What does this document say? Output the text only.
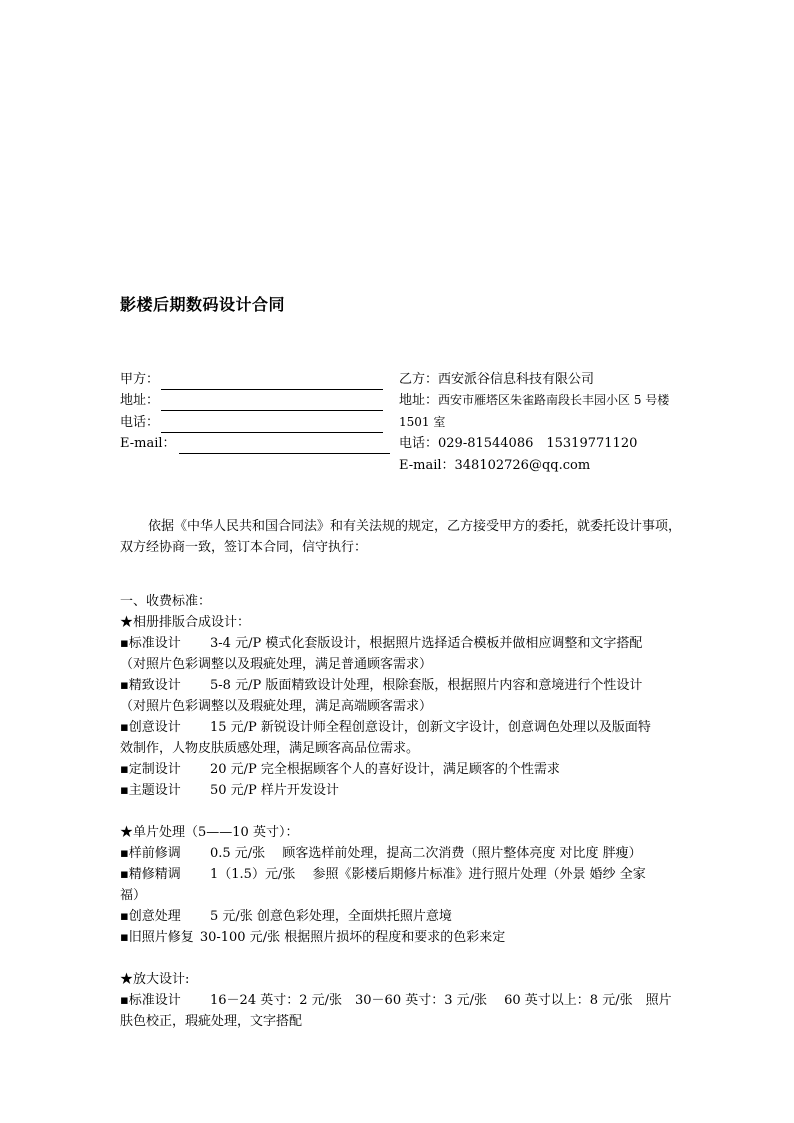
影楼后期数码设计合同
甲方：
地址：
电话：
E-mail：
乙方：西安派谷信息科技有限公司
地址： 西安市雁塔区朱雀路南段长丰园小区 5 号楼
1501 室
电话：029-81544086　15319771120
E-mail：348102726@qq.com

依据《中华人民共和国合同法》和有关法规的规定，乙方接受甲方的委托，就委托设计事项，双方经协商一致，签订本合同，信守执行：

一、收费标准：

★相册排版合成设计：

▪标准设计	3-4 元/P 模式化套版设计，根据照片选择适合模板并做相应调整和文字搭配
（对照片色彩调整以及瑕疵处理，满足普通顾客需求）
▪精致设计	5-8 元/P 版面精致设计处理，根除套版，根据照片内容和意境进行个性设计
（对照片色彩调整以及瑕疵处理，满足高端顾客需求）
▪创意设计	15 元/P 新锐设计师全程创意设计，创新文字设计，创意调色处理以及版面特
效制作，人物皮肤质感处理，满足顾客高品位需求。
▪定制设计	20 元/P 完全根据顾客个人的喜好设计，满足顾客的个性需求
▪主题设计	50 元/P 样片开发设计

★单片处理（5——10 英寸）：

▪样前修调	0.5 元/张　 顾客选样前处理，提高二次消费（照片整体亮度 对比度 胖瘦）
▪精修精调	1（1.5）元/张　 参照《影楼后期修片标准》进行照片处理（外景 婚纱 全家
福）
▪创意处理	5 元/张 创意色彩处理，全面烘托照片意境
▪旧照片修复 30-100 元/张 根据照片损坏的程度和要求的色彩来定

★放大设计:

▪标准设计	16－24 英寸：2 元/张　30－60 英寸：3 元/张　 60 英寸以上：8 元/张　照片
肤色校正，瑕疵处理，文字搭配
